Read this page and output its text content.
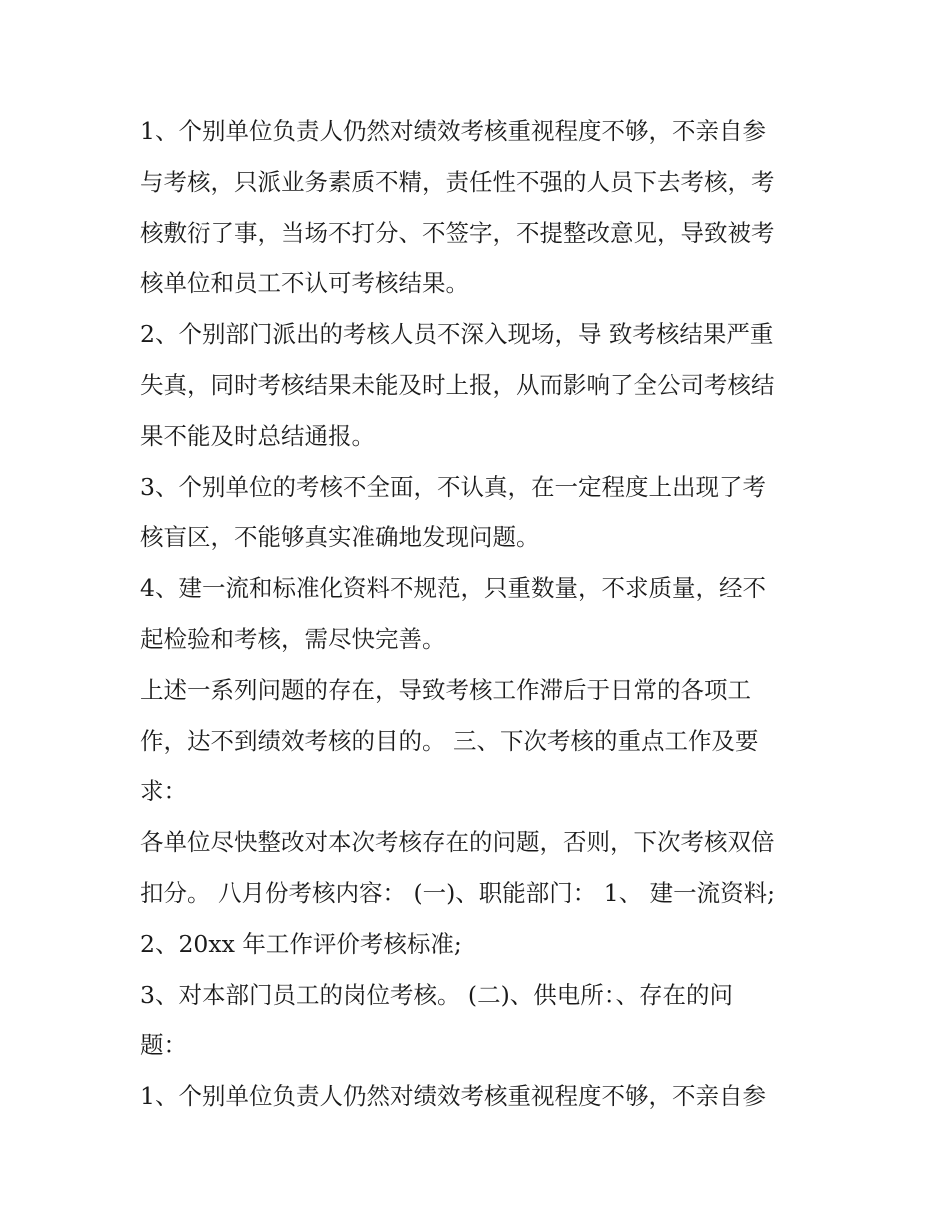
1、个别单位负责人仍然对绩效考核重视程度不够，不亲自参
与考核，只派业务素质不精，责任性不强的人员下去考核，考
核敷衍了事，当场不打分、不签字，不提整改意见，导致被考
核单位和员工不认可考核结果。

2、个别部门派出的考核人员不深入现场，导 致考核结果严重
失真，同时考核结果未能及时上报，从而影响了全公司考核结
果不能及时总结通报。

3、个别单位的考核不全面，不认真，在一定程度上出现了考
核盲区，不能够真实准确地发现问题。

4、建一流和标准化资料不规范，只重数量，不求质量，经不
起检验和考核，需尽快完善。

上述一系列问题的存在，导致考核工作滞后于日常的各项工
作，达不到绩效考核的目的。 三、下次考核的重点工作及要
求：

各单位尽快整改对本次考核存在的问题，否则，下次考核双倍
扣分。 八月份考核内容： (一)、职能部门： 1、 建一流资料;

2、20xx 年工作评价考核标准;

3、对本部门员工的岗位考核。 (二)、供电所：、存在的问
题：

1、个别单位负责人仍然对绩效考核重视程度不够，不亲自参
